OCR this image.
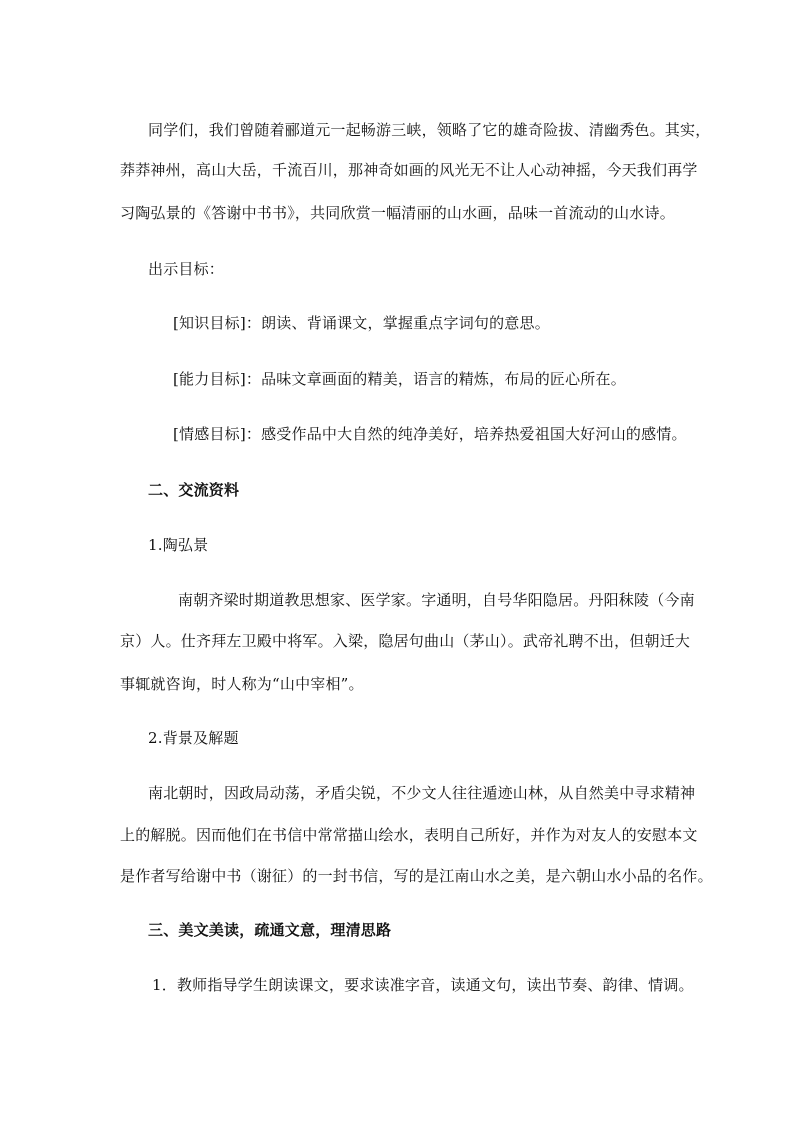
同学们，我们曾随着郦道元一起畅游三峡，领略了它的雄奇险拔、清幽秀色。其实，
莽莽神州，高山大岳，千流百川，那神奇如画的风光无不让人心动神摇，今天我们再学
习陶弘景的《答谢中书书》，共同欣赏一幅清丽的山水画，品味一首流动的山水诗。
出示目标：
[知识目标]：朗读、背诵课文，掌握重点字词句的意思。
[能力目标]：品味文章画面的精美，语言的精炼，布局的匠心所在。
[情感目标]：感受作品中大自然的纯净美好，培养热爱祖国大好河山的感情。
二、交流资料
1.陶弘景
南朝齐梁时期道教思想家、医学家。字通明，自号华阳隐居。丹阳秣陵（今南
京）人。仕齐拜左卫殿中将军。入梁，隐居句曲山（茅山）。武帝礼聘不出，但朝迁大
事辄就咨询，时人称为“山中宰相”。
2.背景及解题
南北朝时，因政局动荡，矛盾尖锐，不少文人往往遁迹山林，从自然美中寻求精神
上的解脱。因而他们在书信中常常描山绘水，表明自己所好，并作为对友人的安慰本文
是作者写给谢中书（谢征）的一封书信，写的是江南山水之美，是六朝山水小品的名作。
三、美文美读，疏通文意，理清思路
1．教师指导学生朗读课文，要求读准字音，读通文句，读出节奏、韵律、情调。
